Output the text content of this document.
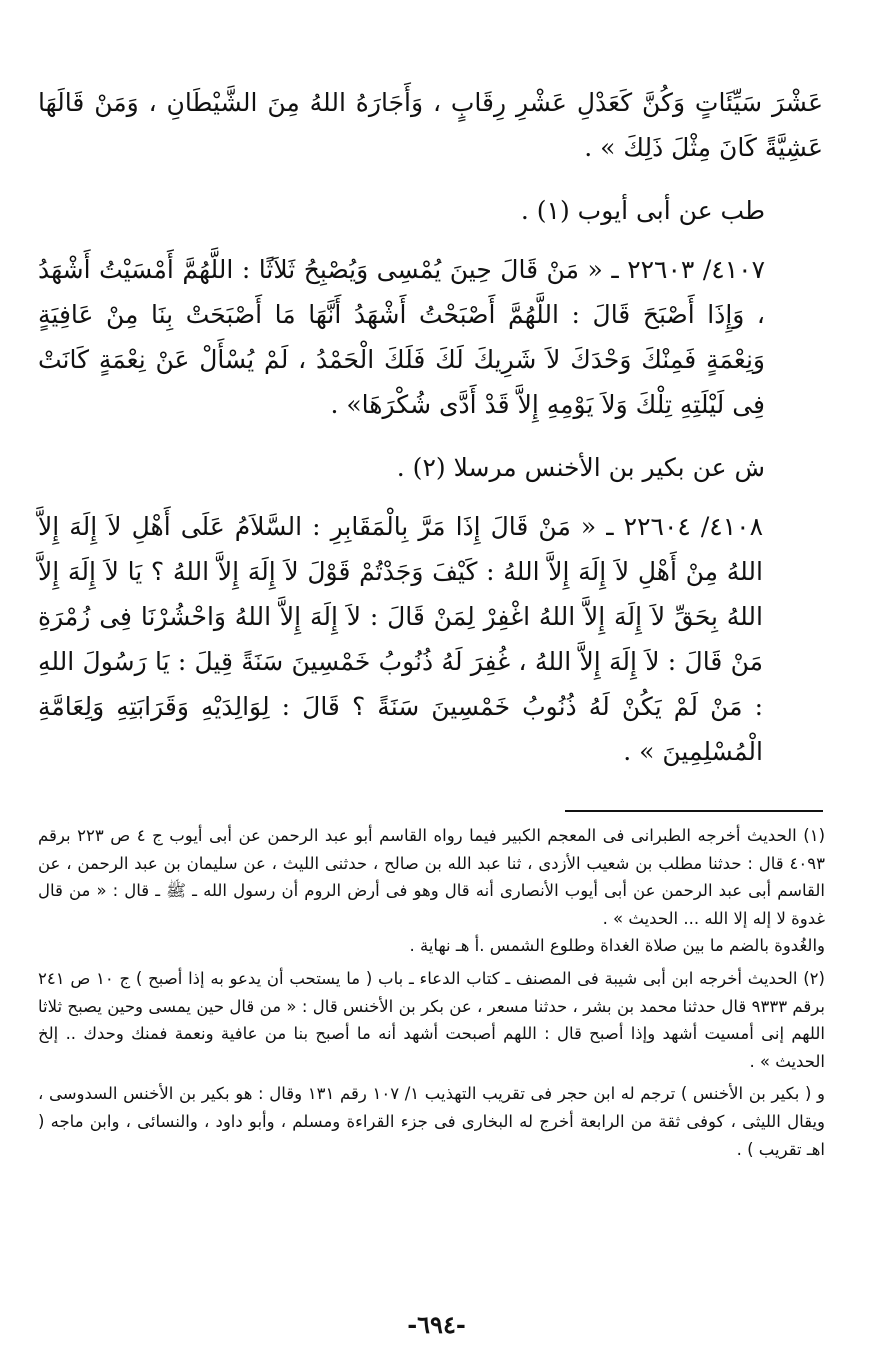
عَشْرَ سَيِّئَاتٍ وَكُنَّ كَعَدْلِ عَشْرِ رِقَابٍ ، وَأَجَارَهُ اللهُ مِنَ الشَّيْطَانِ ، وَمَنْ قَالَهَا عَشِيَّةً كَانَ مِثْلَ ذَلِكَ » .

طب عن أبى أيوب (١) .

٤١٠٧/ ٢٢٦٠٣ ـ « مَنْ قَالَ حِينَ يُمْسِى وَيُصْبِحُ ثَلاَثًا : اللَّهُمَّ أَمْسَيْتُ أَشْهَدُ ، وَإِذَا أَصْبَحَ قَالَ : اللَّهُمَّ أَصْبَحْتُ أَشْهَدُ أَنَّهَا مَا أَصْبَحَتْ بِنَا مِنْ عَافِيَةٍ وَنِعْمَةٍ فَمِنْكَ وَحْدَكَ لاَ شَرِيكَ لَكَ فَلَكَ الْحَمْدُ ، لَمْ يُسْأَلْ عَنْ نِعْمَةٍ كَانَتْ فِى لَيْلَتِهِ تِلْكَ وَلاَ يَوْمِهِ إِلاَّ قَدْ أَدَّى شُكْرَهَا» .

ش عن بكير بن الأخنس مرسلا (٢) .

٤١٠٨/ ٢٢٦٠٤ ـ « مَنْ قَالَ إِذَا مَرَّ بِالْمَقَابِرِ : السَّلاَمُ عَلَى أَهْلِ لاَ إِلَهَ إِلاَّ اللهُ مِنْ أَهْلِ لاَ إِلَهَ إِلاَّ اللهُ : كَيْفَ وَجَدْتُمْ قَوْلَ لاَ إِلَهَ إِلاَّ اللهُ ؟ يَا لاَ إِلَهَ إِلاَّ اللهُ بِحَقِّ لاَ إِلَهَ إِلاَّ اللهُ اغْفِرْ لِمَنْ قَالَ : لاَ إِلَهَ إِلاَّ اللهُ وَاحْشُرْنَا فِى زُمْرَةِ مَنْ قَالَ : لاَ إِلَهَ إِلاَّ اللهُ ، غُفِرَ لَهُ ذُنُوبُ خَمْسِينَ سَنَةً قِيلَ : يَا رَسُولَ اللهِ : مَنْ لَمْ يَكُنْ لَهُ ذُنُوبُ خَمْسِينَ سَنَةً ؟ قَالَ : لِوَالِدَيْهِ وَقَرَابَتِهِ وَلِعَامَّةِ الْمُسْلِمِينَ » .

(١) الحديث أخرجه الطبرانى فى المعجم الكبير فيما رواه القاسم أبو عبد الرحمن عن أبى أيوب ج ٤ ص ٢٢٣ برقم ٤٠٩٣ قال : حدثنا مطلب بن شعيب الأزدى ، ثنا عبد الله بن صالح ، حدثنى الليث ، عن سليمان بن عبد الرحمن ، عن القاسم أبى عبد الرحمن عن أبى أيوب الأنصارى أنه قال وهو فى أرض الروم أن رسول الله ـ ﷺ ـ قال : « من قال غدوة لا إله إلا الله ... الحديث » .

والغُدوة بالضم ما بين صلاة الغداة وطلوع الشمس .أ هـ نهاية .

(٢) الحديث أخرجه ابن أبى شيبة فى المصنف ـ كتاب الدعاء ـ باب ( ما يستحب أن يدعو به إذا أصبح ) ج ١٠ ص ٢٤١ برقم ٩٣٣٣ قال حدثنا محمد بن بشر ، حدثنا مسعر ، عن بكر بن الأخنس قال : « من قال حين يمسى وحين يصبح ثلاثا اللهم إنى أمسيت أشهد وإذا أصبح قال : اللهم أصبحت أشهد أنه ما أصبح بنا من عافية ونعمة فمنك وحدك .. إلخ الحديث » .

و ( بكير بن الأخنس ) ترجم له ابن حجر فى تقريب التهذيب ١/ ١٠٧ رقم ١٣١ وقال : هو بكير بن الأخنس السدوسى ، ويقال الليثى ، كوفى ثقة من الرابعة أخرج له البخارى فى جزء القراءة ومسلم ، وأبو داود ، والنسائى ، وابن ماجه ( اهـ تقريب ) .

-٦٩٤-
